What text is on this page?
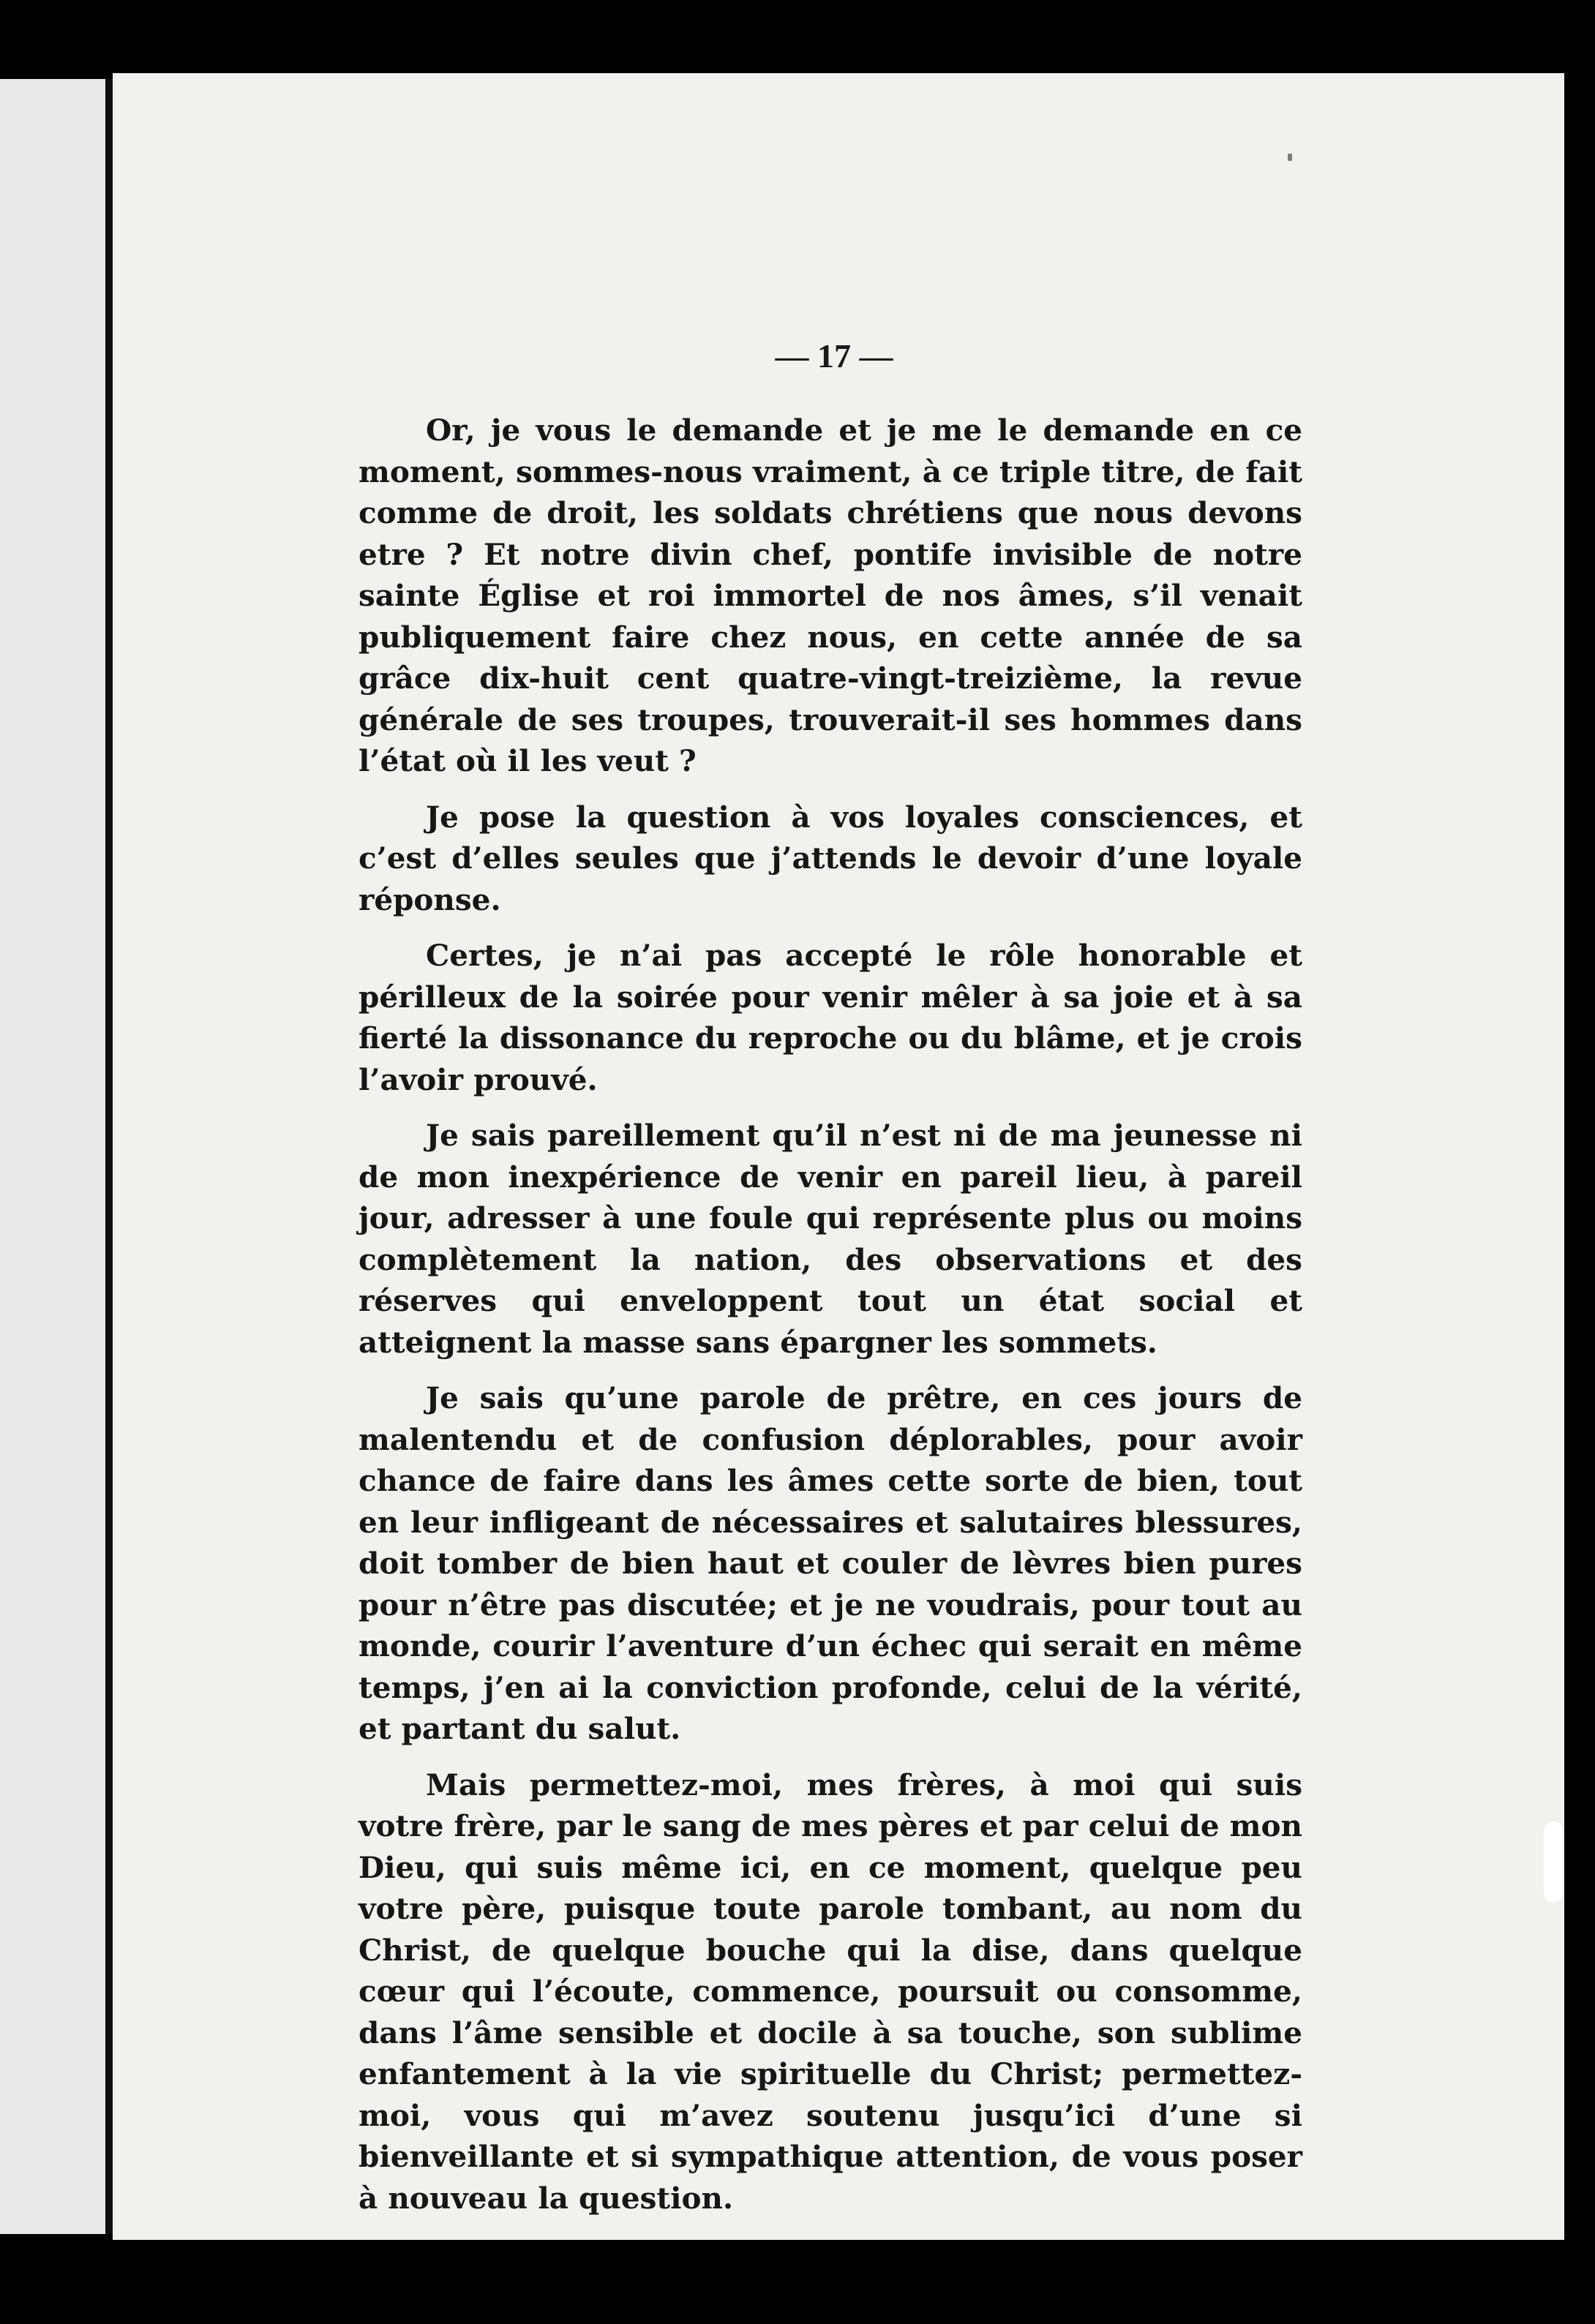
— 17 —

Or, je vous le demande et je me le demande en ce moment, sommes-nous vraiment, à ce triple titre, de fait comme de droit, les soldats chrétiens que nous devons etre ? Et notre divin chef, pontife invisible de notre sainte Église et roi immortel de nos âmes, s’il venait publiquement faire chez nous, en cette année de sa grâce dix-huit cent quatre-vingt-treizième, la revue générale de ses troupes, trouverait-il ses hommes dans l’état où il les veut ?

Je pose la question à vos loyales consciences, et c’est d’elles seules que j’attends le devoir d’une loyale réponse.

Certes, je n’ai pas accepté le rôle honorable et périlleux de la soirée pour venir mêler à sa joie et à sa fierté la dissonance du reproche ou du blâme, et je crois l’avoir prouvé.

Je sais pareillement qu’il n’est ni de ma jeunesse ni de mon inexpérience de venir en pareil lieu, à pareil jour, adresser à une foule qui représente plus ou moins complètement la nation, des observations et des réserves qui enveloppent tout un état social et atteignent la masse sans épargner les sommets.

Je sais qu’une parole de prêtre, en ces jours de malentendu et de confusion déplorables, pour avoir chance de faire dans les âmes cette sorte de bien, tout en leur infligeant de nécessaires et salutaires blessures, doit tomber de bien haut et couler de lèvres bien pures pour n’être pas discutée; et je ne voudrais, pour tout au monde, courir l’aventure d’un échec qui serait en même temps, j’en ai la conviction profonde, celui de la vérité, et partant du salut.

Mais permettez-moi, mes frères, à moi qui suis votre frère, par le sang de mes pères et par celui de mon Dieu, qui suis même ici, en ce moment, quelque peu votre père, puisque toute parole tombant, au nom du Christ, de quelque bouche qui la dise, dans quelque cœur qui l’écoute, commence, poursuit ou consomme, dans l’âme sensible et docile à sa touche, son sublime enfantement à la vie spirituelle du Christ; permettez-moi, vous qui m’avez soutenu jusqu’ici d’une si bienveillante et si sympathique attention, de vous poser à nouveau la question.
